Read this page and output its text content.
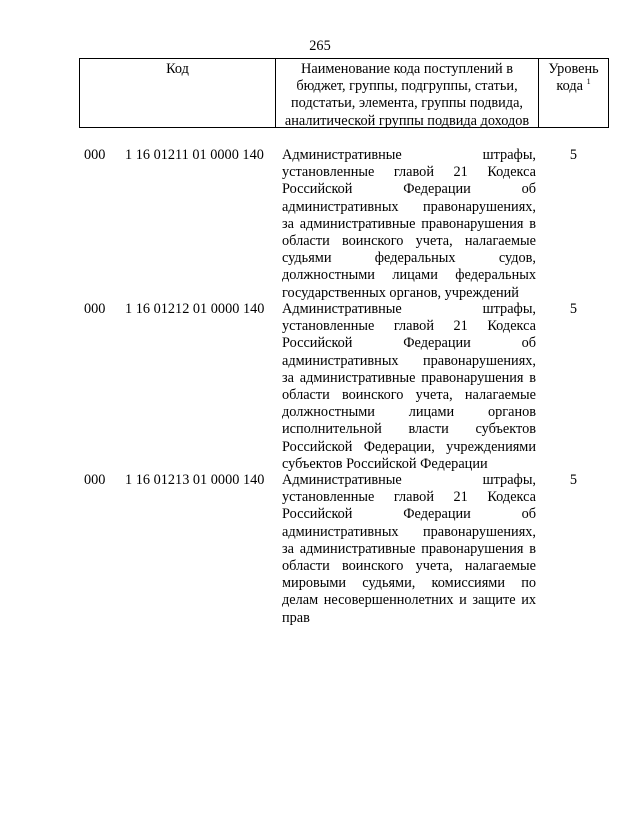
265
Код	Наименование кода поступлений в
бюджет, группы, подгруппы, статьи,
подстатьи, элемента, группы подвида,
аналитической группы подвида доходов
Уровень
кода $^1$
000 1 16 01211 01 0000 140 Административные штрафы,
установленные главой 21 Кодекса
Российской Федерации об
административных правонарушениях,
за административные правонарушения в
области воинского учета, налагаемые
судьями федеральных судов,
должностными лицами федеральных
государственных органов, учреждений
5
000 1 16 01212 01 0000 140 Административные штрафы,
установленные главой 21 Кодекса
Российской Федерации об
административных правонарушениях,
за административные правонарушения в
области воинского учета, налагаемые
должностными лицами органов
исполнительной власти субъектов
Российской Федерации, учреждениями
субъектов Российской Федерации
5
000 1 16 01213 01 0000 140 Административные штрафы,
установленные главой 21 Кодекса
Российской Федерации об
административных правонарушениях,
за административные правонарушения в
области воинского учета, налагаемые
мировыми судьями, комиссиями по
делам несовершеннолетних и защите их
прав
5
